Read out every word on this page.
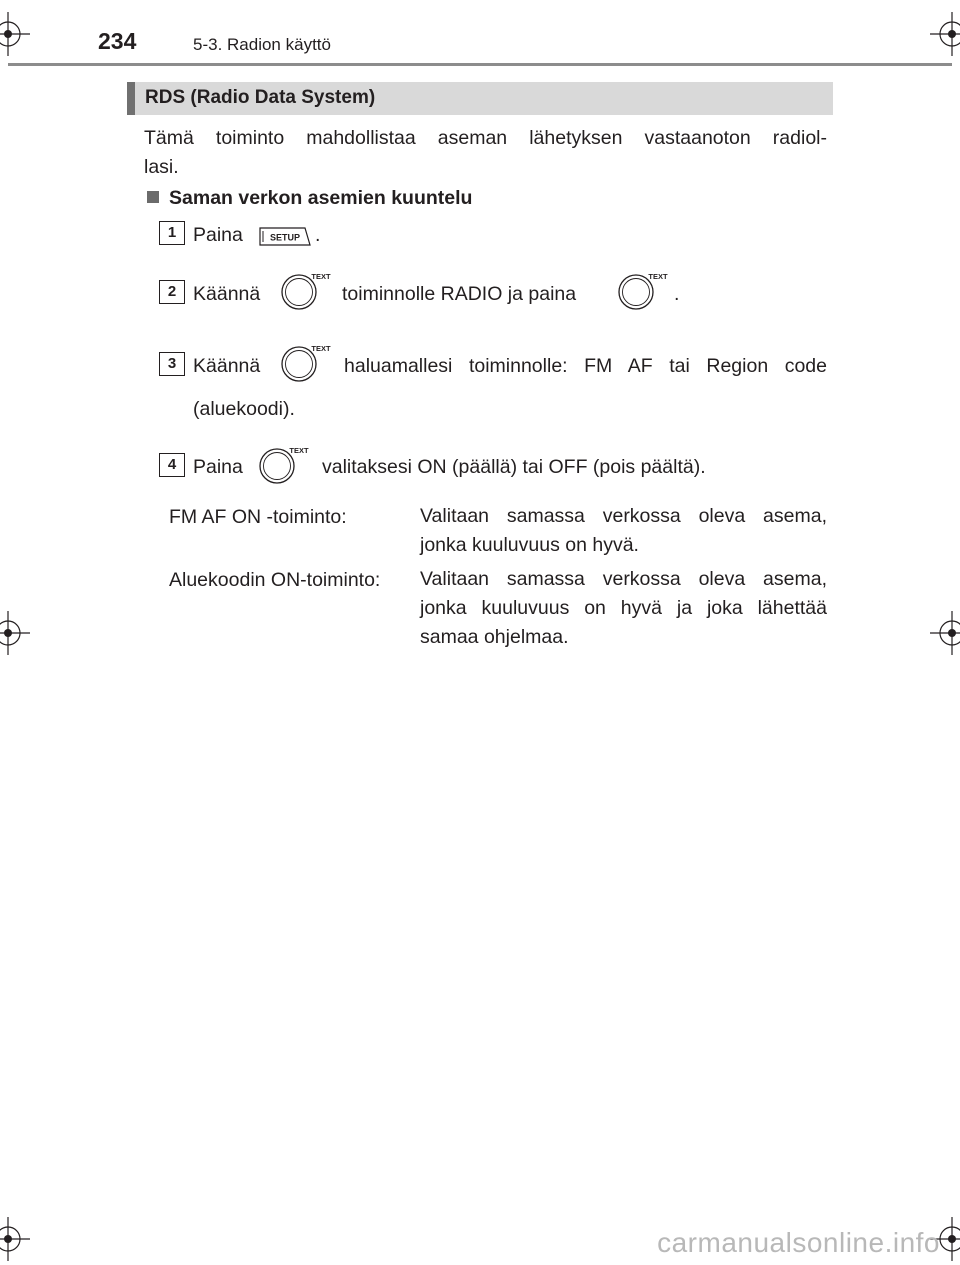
234	5-3. Radion käyttö
RDS (Radio Data System)
Tämä toiminto mahdollistaa aseman lähetyksen vastaanoton radiol-
lasi.
Saman verkon asemien kuuntelu
1 Paina	SETUP .
2 Käännä
TEXT
toiminnolle RADIO ja paina
TEXT
.
3 Käännä
TEXT
haluamallesi toiminnolle: FM AF tai Region code
(aluekoodi).
4 Paina
TEXT
valitaksesi ON (päällä) tai OFF (pois päältä).
FM AF ON -toiminto:	Valitaan samassa verkossa oleva asema,
jonka kuuluvuus on hyvä.
Aluekoodin ON-toiminto: Valitaan samassa verkossa oleva asema,
jonka kuuluvuus on hyvä ja joka lähettää
samaa ohjelmaa.
carmanualsonline.info
